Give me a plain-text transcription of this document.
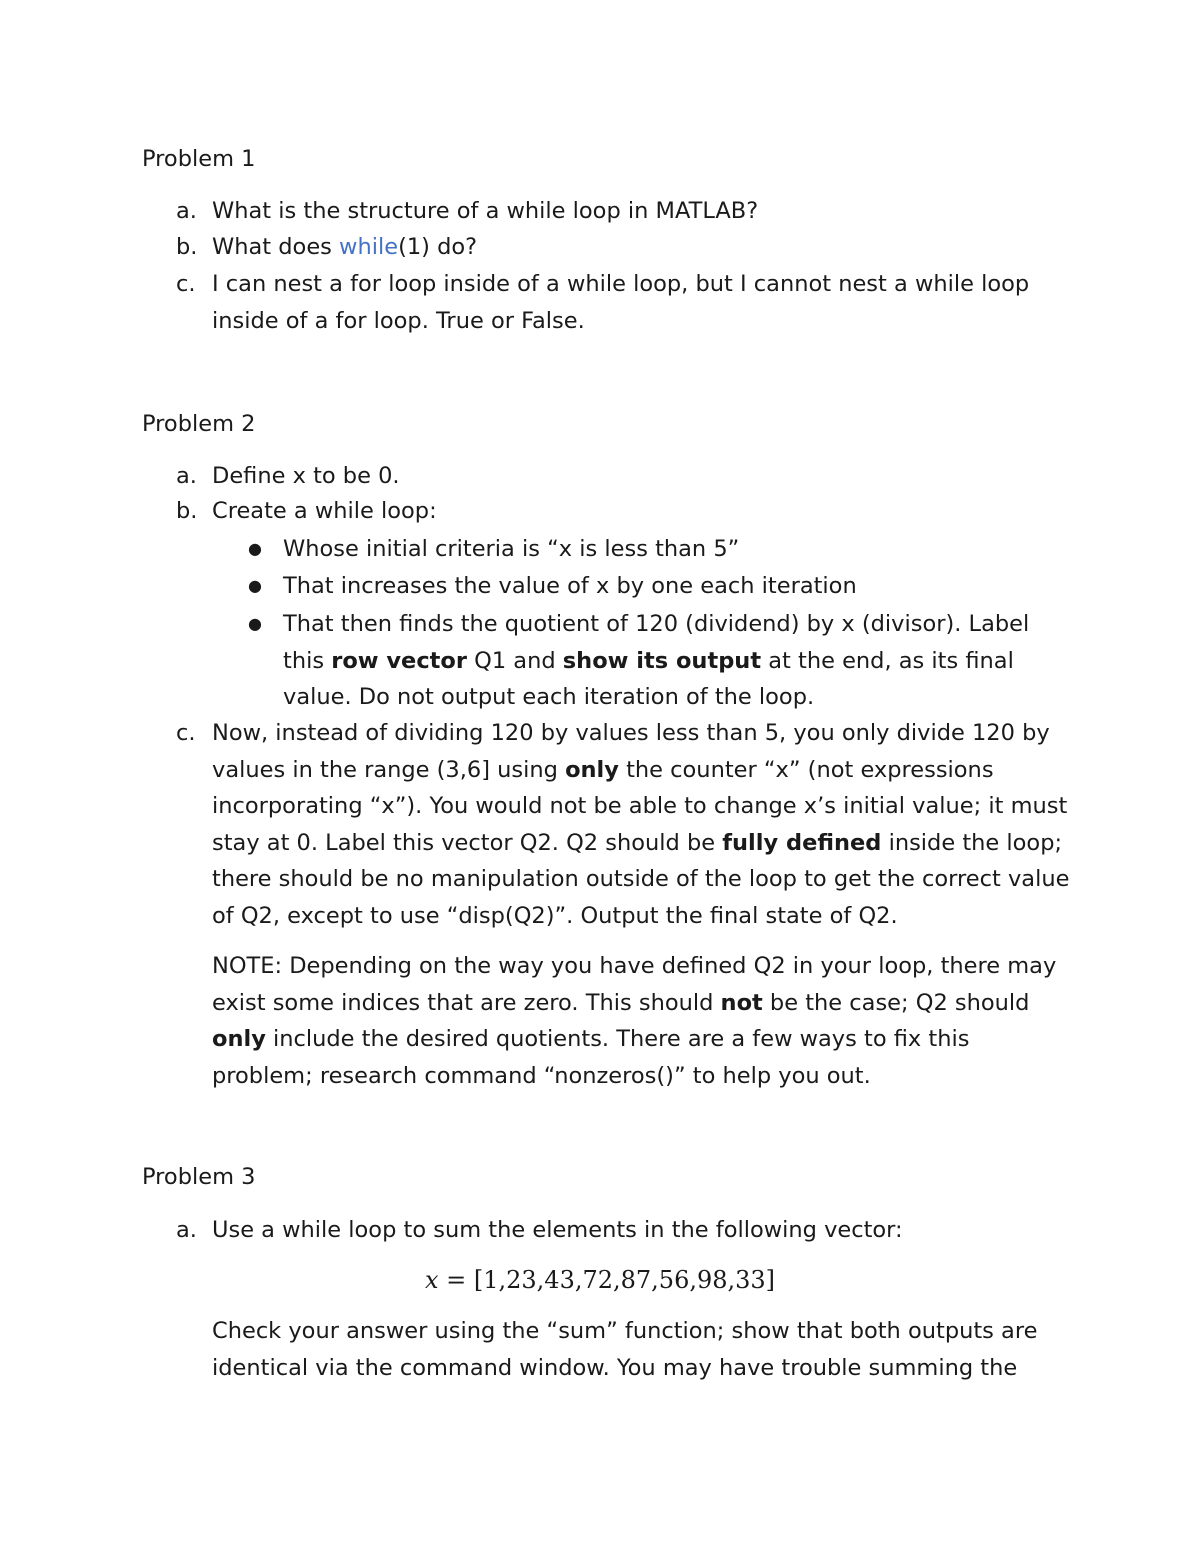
Problem 1
a. What is the structure of a while loop in MATLAB?

b. What does while(1) do?

c. I can nest a for loop inside of a while loop, but I cannot nest a while loop inside of a for loop. True or False.

Problem 2
a. Define x to be 0.

b. Create a while loop:

● Whose initial criteria is “x is less than 5”

● That increases the value of x by one each iteration

● That then finds the quotient of 120 (dividend) by x (divisor). Label this row vector Q1 and show its output at the end, as its final value. Do not output each iteration of the loop.

c. Now, instead of dividing 120 by values less than 5, you only divide 120 by values in the range (3,6] using only the counter “x” (not expressions incorporating “x”). You would not be able to change x’s initial value; it must stay at 0. Label this vector Q2. Q2 should be fully defined inside the loop; there should be no manipulation outside of the loop to get the correct value of Q2, except to use “disp(Q2)”. Output the final state of Q2.

NOTE: Depending on the way you have defined Q2 in your loop, there may exist some indices that are zero. This should not be the case; Q2 should only include the desired quotients. There are a few ways to fix this problem; research command “nonzeros()” to help you out.

Problem 3
a. Use a while loop to sum the elements in the following vector:

x = [1,23,43,72,87,56,98,33]

Check your answer using the “sum” function; show that both outputs are identical via the command window. You may have trouble summing the
